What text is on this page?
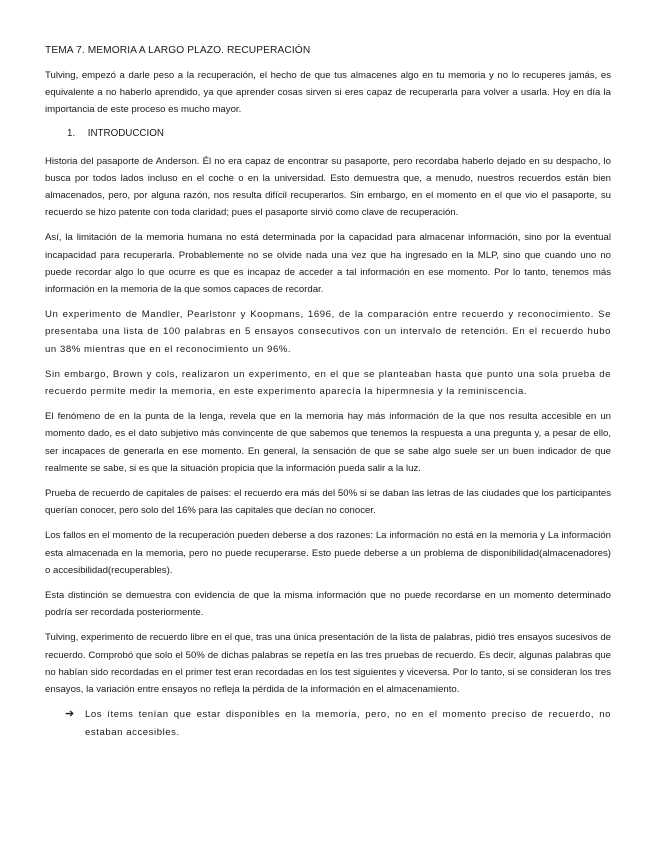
TEMA 7. MEMORIA A LARGO PLAZO. RECUPERACIÓN

Tulving, empezó a darle peso a la recuperación, el hecho de que tus almacenes algo en tu memoria y no lo recuperes jamás, es equivalente a no haberlo aprendido, ya que aprender cosas sirven si eres capaz de recuperarla para volver a usarla. Hoy en día la importancia de este proceso es mucho mayor.

1. INTRODUCCION

Historia del pasaporte de Anderson. Él no era capaz de encontrar su pasaporte, pero recordaba haberlo dejado en su despacho, lo busca por todos lados incluso en el coche o en la universidad. Esto demuestra que, a menudo, nuestros recuerdos están bien almacenados, pero, por alguna razón, nos resulta difícil recuperarlos. Sin embargo, en el momento en el que vio el pasaporte, su recuerdo se hizo patente con toda claridad; pues el pasaporte sirvió como clave de recuperación.

Así, la limitación de la memoria humana no está determinada por la capacidad para almacenar información, sino por la eventual incapacidad para recuperarla. Probablemente no se olvide nada una vez que ha ingresado en la MLP, sino que cuando uno no puede recordar algo lo que ocurre es que es incapaz de acceder a tal información en ese momento. Por lo tanto, tenemos más información en la memoria de la que somos capaces de recordar.

Un experimento de Mandler, Pearlstonr y Koopmans, 1696, de la comparación entre recuerdo y reconocimiento. Se presentaba una lista de 100 palabras en 5 ensayos consecutivos con un intervalo de retención. En el recuerdo hubo un 38% mientras que en el reconocimiento un 96%.

Sin embargo, Brown y cols, realizaron un experimento, en el que se planteaban hasta que punto una sola prueba de recuerdo permite medir la memoria, en este experimento aparecía la hipermnesia y la reminiscencia.

El fenómeno de en la punta de la lenga, revela que en la memoria hay más información de la que nos resulta accesible en un momento dado, es el dato subjetivo más convincente de que sabemos que tenemos la respuesta a una pregunta y, a pesar de ello, ser incapaces de generarla en ese momento. En general, la sensación de que se sabe algo suele ser un buen indicador de que realmente se sabe, si es que la situación propicia que la información pueda salir a la luz.

Prueba de recuerdo de capitales de países: el recuerdo era más del 50% si se daban las letras de las ciudades que los participantes querían conocer, pero solo del 16% para las capitales que decían no conocer.

Los fallos en el momento de la recuperación pueden deberse a dos razones: La información no está en la memoria y La información esta almacenada en la memoria, pero no puede recuperarse. Esto puede deberse a un problema de disponibilidad(almacenadores) o accesibilidad(recuperables).

Esta distinción se demuestra con evidencia de que la misma información que no puede recordarse en un momento determinado podría ser recordada posteriormente.

Tulving, experimento de recuerdo libre en el que, tras una única presentación de la lista de palabras, pidió tres ensayos sucesivos de recuerdo. Comprobó que solo el 50% de dichas palabras se repetía en las tres pruebas de recuerdo. Es decir, algunas palabras que no habían sido recordadas en el primer test eran recordadas en los test siguientes y viceversa. Por lo tanto, si se consideran los tres ensayos, la variación entre ensayos no refleja la pérdida de la información en el almacenamiento.

➔ Los ítems tenían que estar disponibles en la memoria, pero, no en el momento preciso de recuerdo, no estaban accesibles.
